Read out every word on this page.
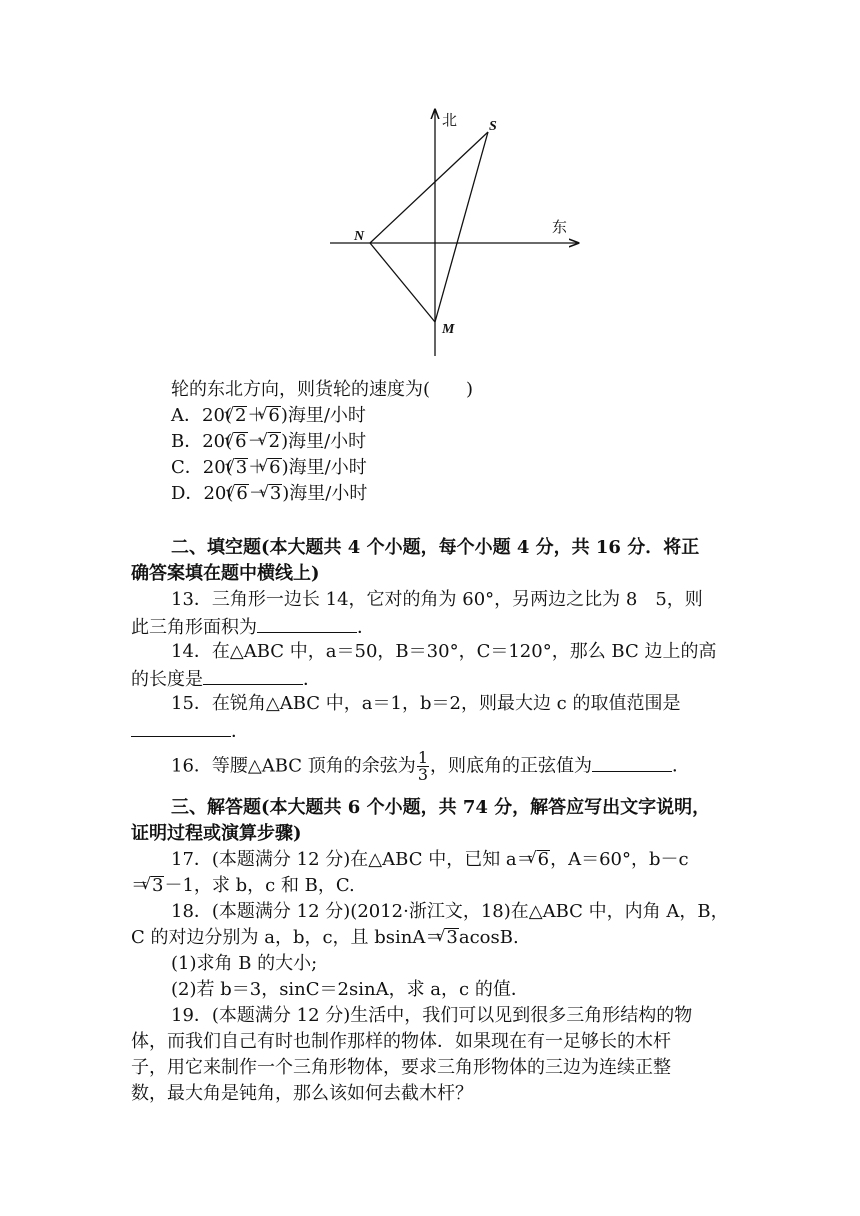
北
东
S
N
M
轮的东北方向，则货轮的速度为(　　)
A．20( √ 2＋ √ 6)海里/小时
B．20( √ 6－ √ 2)海里/小时
C．20( √ 3＋ √ 6)海里/小时
D．20( √ 6－ √ 3)海里/小时
二、填空题(本大题共 4 个小题，每个小题 4 分，共 16 分．将正
确答案填在题中横线上)
13．三角形一边长 14，它对的角为 60°，另两边之比为 8　5，则
此三角形面积为	．
14．在△ABC 中，a＝50，B＝30°，C＝120°，那么 BC 边上的高
的长度是	．
15．在锐角△ABC 中，a＝1，b＝2，则最大边 c 的取值范围是
．
16．等腰△ABC 顶角的余弦为 $\frac{1}{3}$ ，则底角的正弦值为	．
三、解答题(本大题共 6 个小题，共 74 分，解答应写出文字说明，
证明过程或演算步骤)
17．(本题满分 12 分)在△ABC 中，已知 a＝ √ 6，A＝60°，b－c
＝ √ 3－1，求 b，c 和 B，C.
18．(本题满分 12 分)(2012·浙江文，18)在△ABC 中，内角 A，B，
C 的对边分别为 a，b，c，且 bsinA＝ √ 3acosB.
(1)求角 B 的大小;
(2)若 b＝3，sinC＝2sinA，求 a，c 的值．
19．(本题满分 12 分)生活中，我们可以见到很多三角形结构的物
体，而我们自己有时也制作那样的物体．如果现在有一足够长的木杆
子，用它来制作一个三角形物体，要求三角形物体的三边为连续正整
数，最大角是钝角，那么该如何去截木杆？
